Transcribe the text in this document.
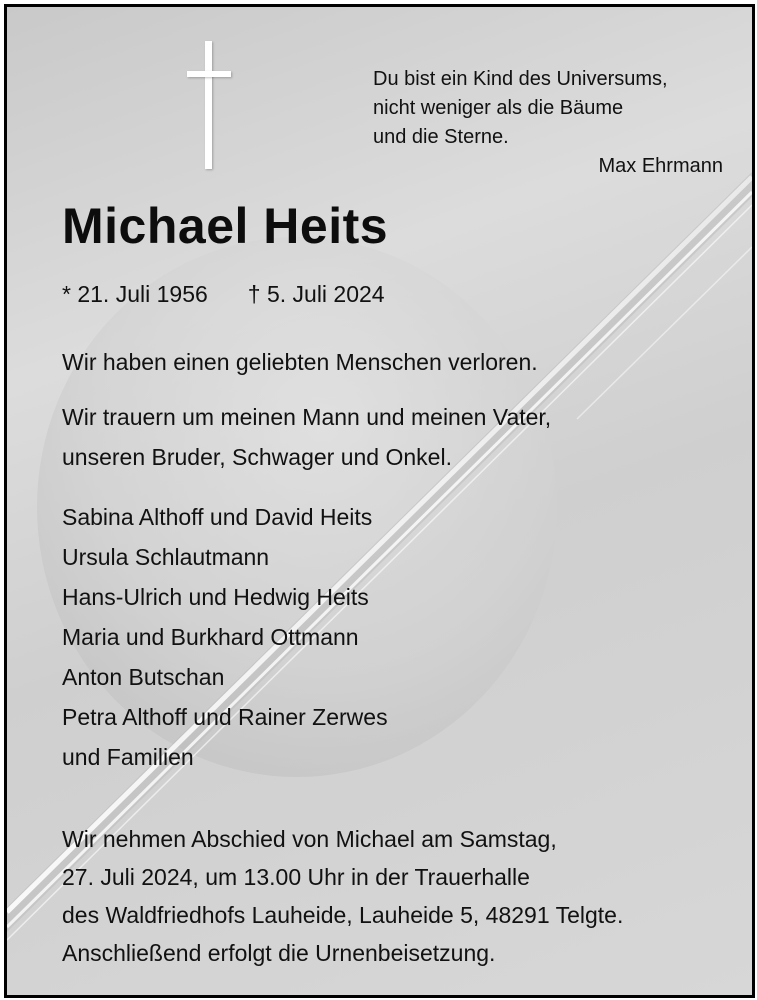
Du bist ein Kind des Universums,
nicht weniger als die Bäume
und die Sterne.
Max Ehrmann
Michael Heits
* 21. Juli 1956 † 5. Juli 2024
Wir haben einen geliebten Menschen verloren.
Wir trauern um meinen Mann und meinen Vater,
unseren Bruder, Schwager und Onkel.
Sabina Althoff und David Heits
Ursula Schlautmann
Hans-Ulrich und Hedwig Heits
Maria und Burkhard Ottmann
Anton Butschan
Petra Althoff und Rainer Zerwes
und Familien
Wir nehmen Abschied von Michael am Samstag,
27. Juli 2024, um 13.00 Uhr in der Trauerhalle
des Waldfriedhofs Lauheide, Lauheide 5, 48291 Telgte.
Anschließend erfolgt die Urnenbeisetzung.
